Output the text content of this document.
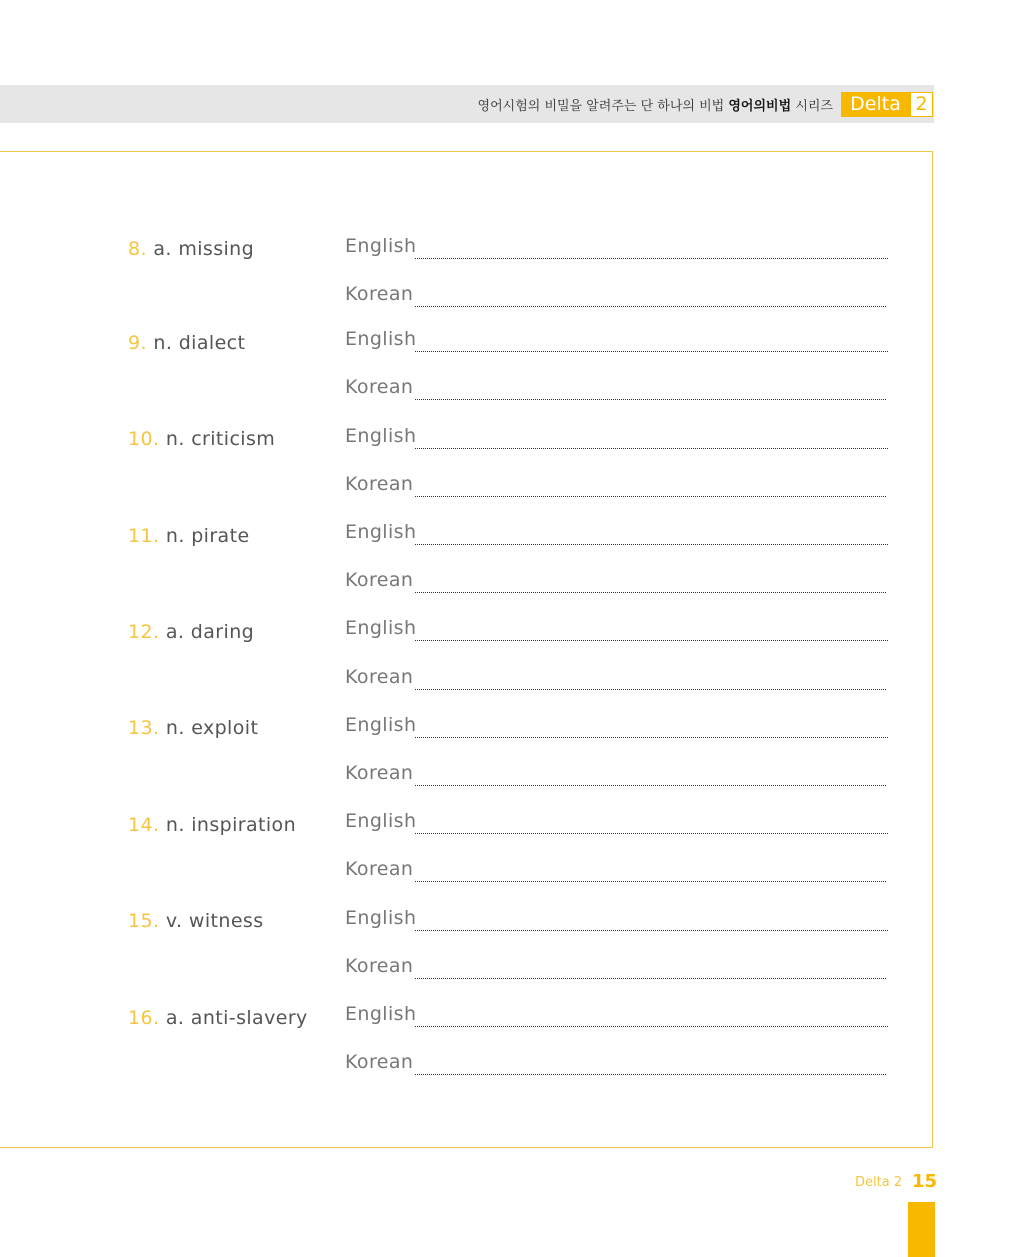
영어시험의 비밀을 알려주는 단 하나의 비법 영어의비법 시리즈 Delta 2
8. a. missing	English
Korean
9. n. dialect	English
Korean
10. n. criticism	English
Korean
11. n. pirate	English
Korean
12. a. daring	English
Korean
13. n. exploit	English
Korean
14. n. inspiration	English
Korean
15. v. witness	English
Korean
16. a. anti-slavery English
Korean
Delta 2 15
